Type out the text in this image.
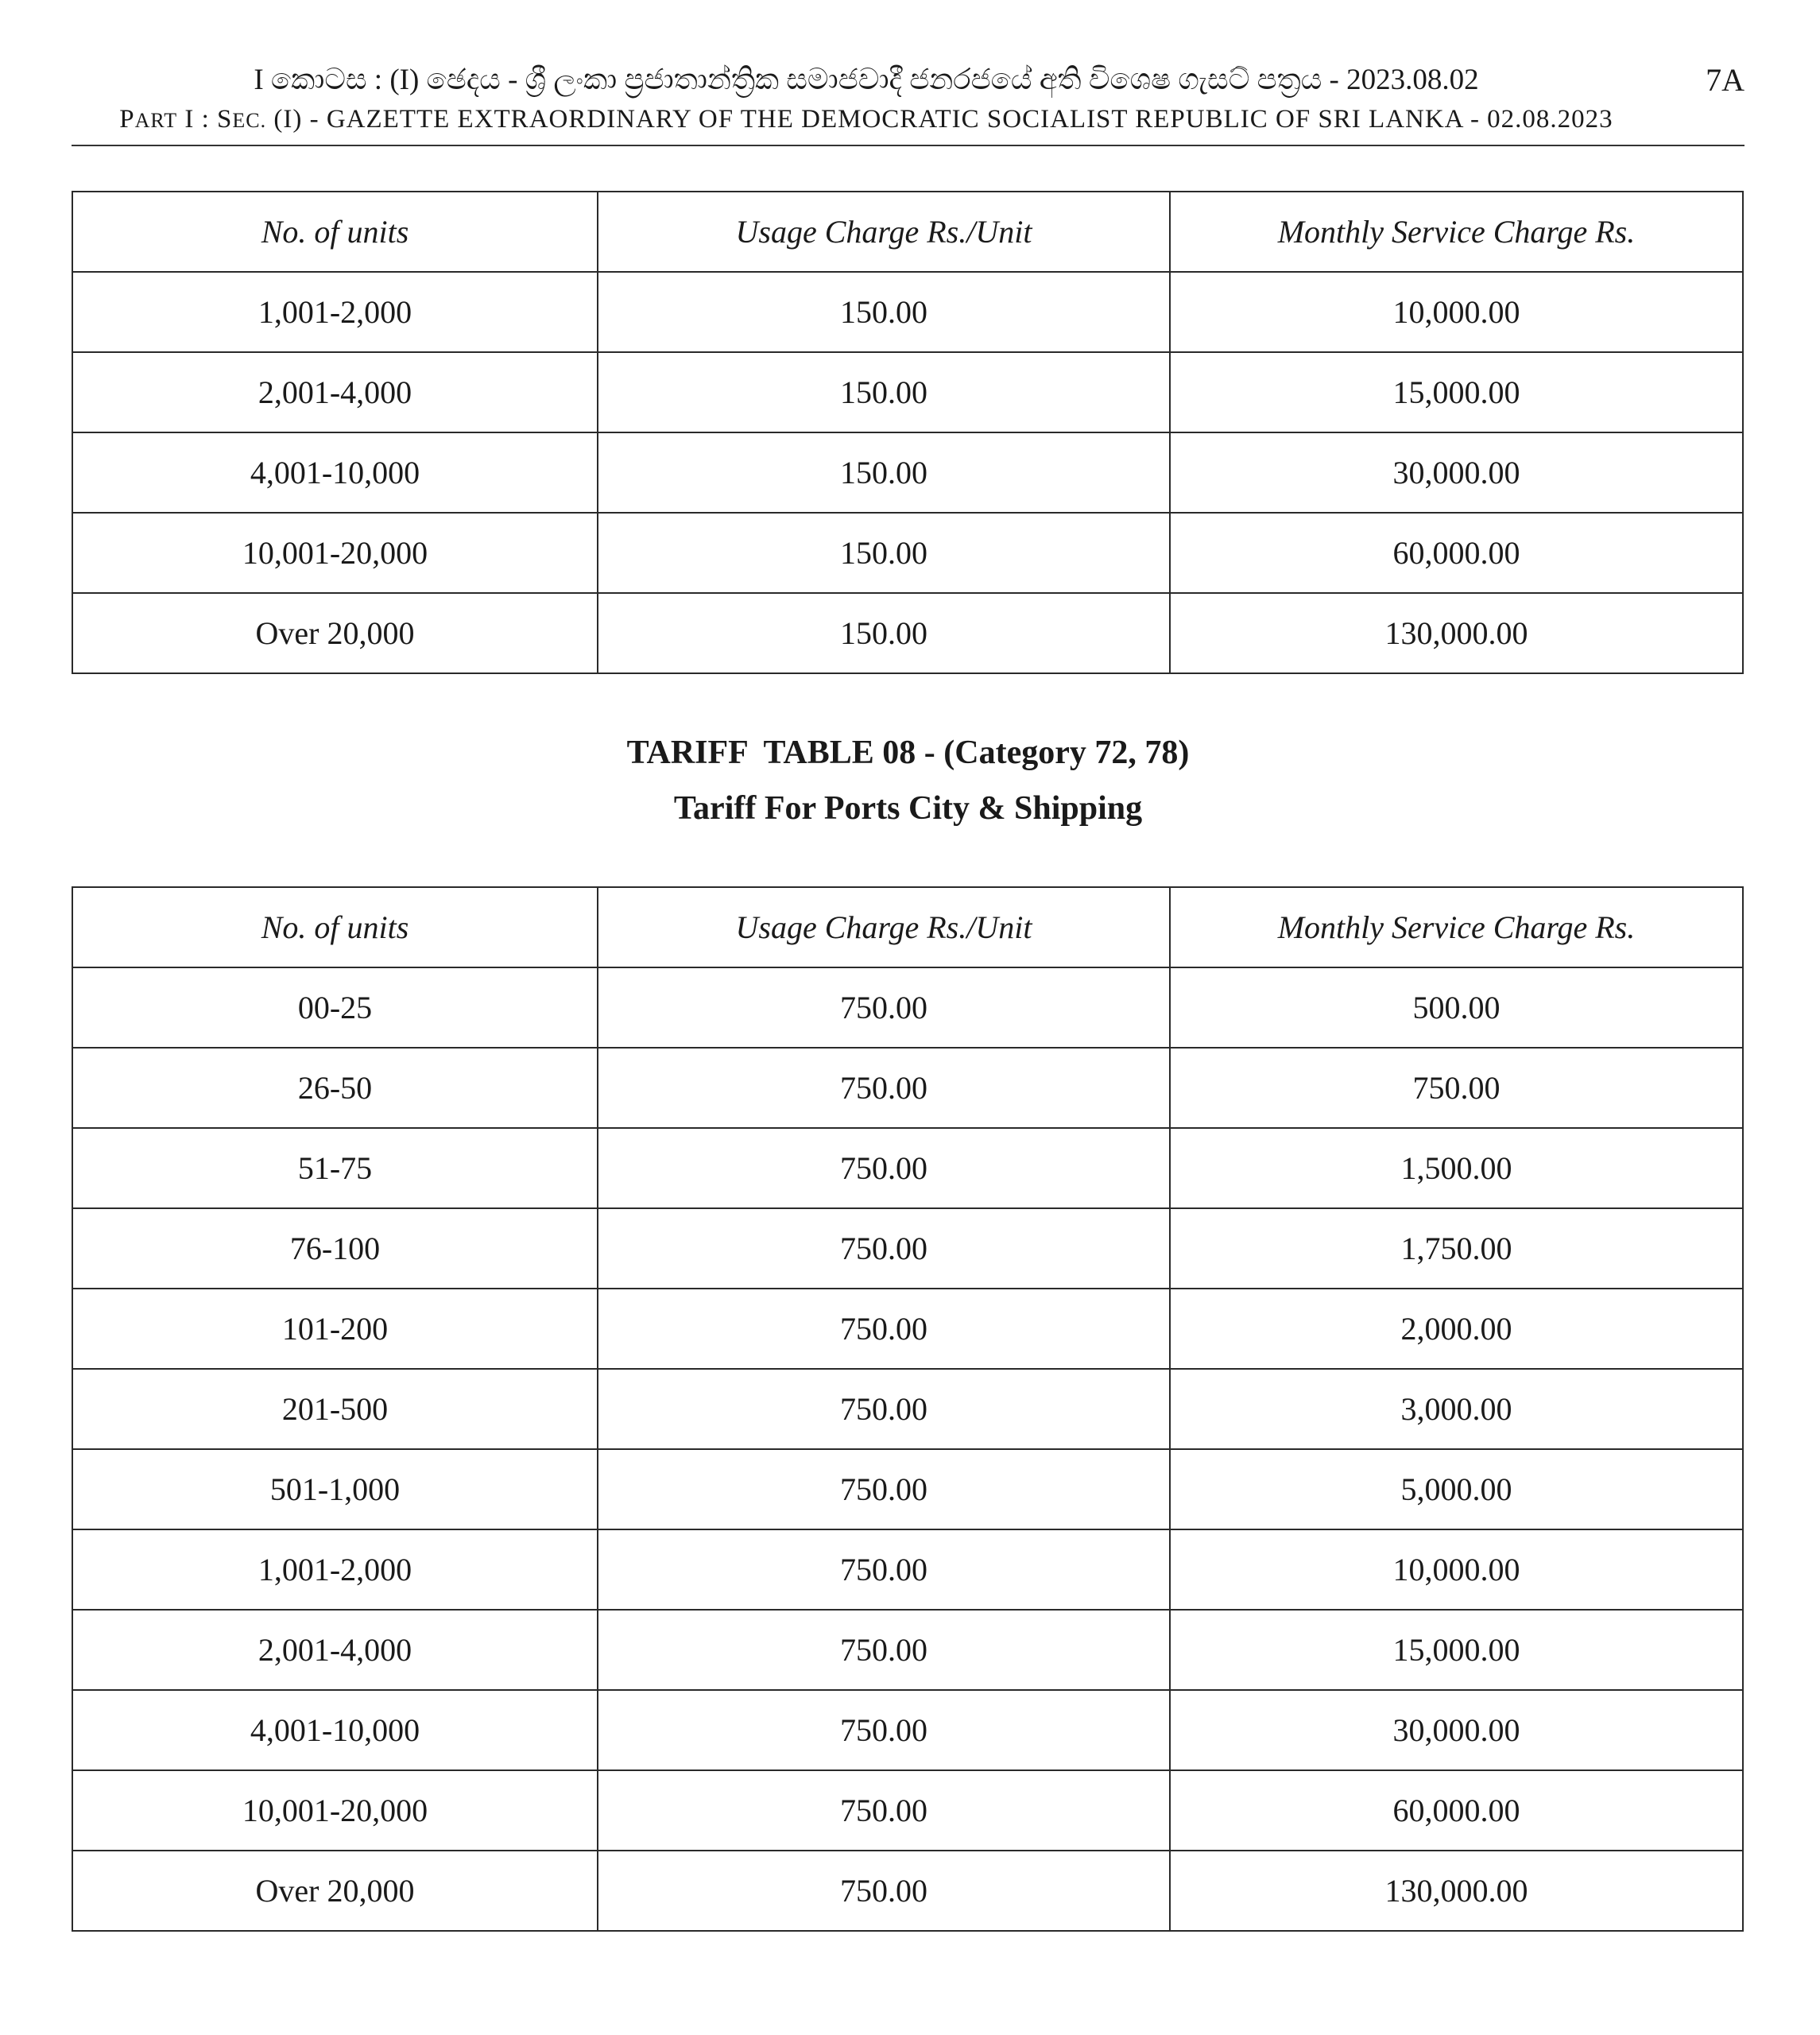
I කොටස : (I) ඡෙදය - ශ්‍රී ලංකා ප්‍රජාතාන්ත්‍රික සමාජවාදී ජනරජයේ අති විශෙෂ ගැසට් පත්‍රය - 2023.08.02
PART I : SEC. (I) - GAZETTE EXTRAORDINARY OF THE DEMOCRATIC SOCIALIST REPUBLIC OF SRI LANKA - 02.08.2023
7A
No. of units	Usage Charge Rs./Unit	Monthly Service Charge Rs.
1,001-2,000	150.00	10,000.00
2,001-4,000	150.00	15,000.00
4,001-10,000	150.00	30,000.00
10,001-20,000	150.00	60,000.00
Over 20,000	150.00	130,000.00
TARIFF  TABLE 08 - (Category 72, 78)
Tariff For Ports City & Shipping
No. of units	Usage Charge Rs./Unit	Monthly Service Charge Rs.
00-25	750.00	500.00
26-50	750.00	750.00
51-75	750.00	1,500.00
76-100	750.00	1,750.00
101-200	750.00	2,000.00
201-500	750.00	3,000.00
501-1,000	750.00	5,000.00
1,001-2,000	750.00	10,000.00
2,001-4,000	750.00	15,000.00
4,001-10,000	750.00	30,000.00
10,001-20,000	750.00	60,000.00
Over 20,000	750.00	130,000.00
